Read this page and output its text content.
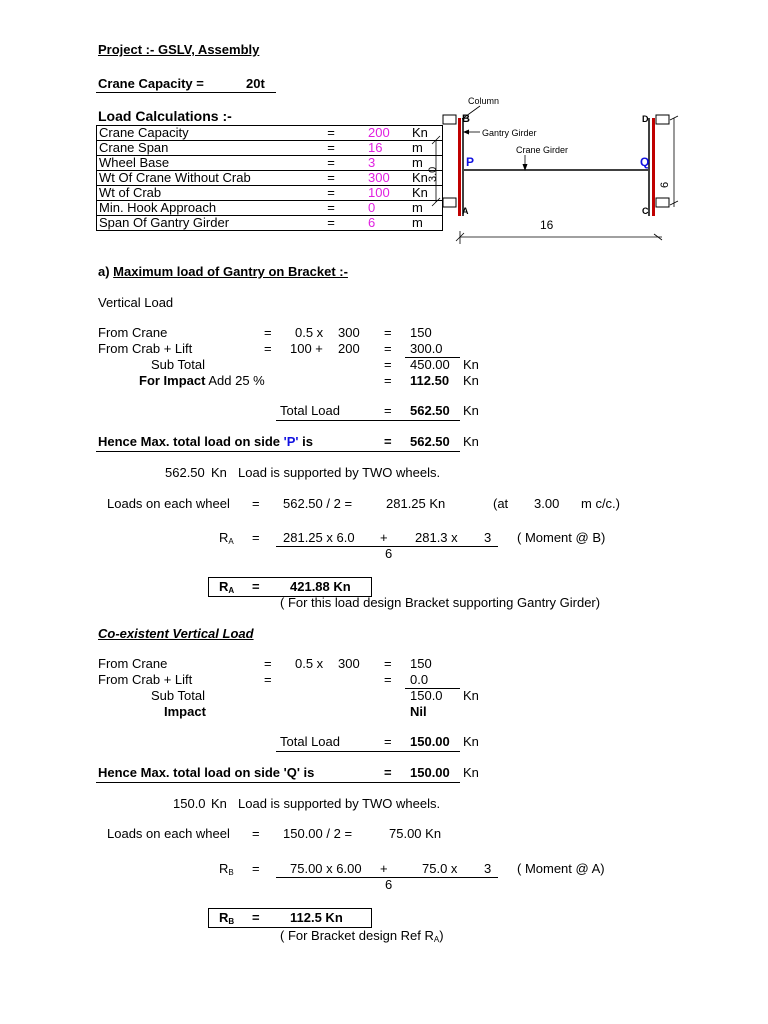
Project :- GSLV, Assembly
Crane Capacity =	20t
Load Calculations :-
Crane Capacity	=	200	Kn
Crane Span	=	16	m
Wheel Base	=	3	m
Wt Of Crane Without Crab	=	300	Kn
Wt of Crab	=	100	Kn
Min. Hook Approach	=	0	m
Span Of Gantry Girder	=	6	m
Column
B
A
D
C
Gantry Girder
Crane Girder
P	Q
3.0
6
16
a) Maximum load of Gantry on Bracket :-
Vertical Load
From Crane	= 0.5 x 300 = 150
From Crab + Lift	= 100 + 200 = 300.0
Sub Total	= 450.00 Kn
For Impact Add 25 %	= 112.50 Kn
Total Load	= 562.50 Kn
Hence Max. total load on side 'P' is	= 562.50 Kn
562.50 Kn Load is supported by TWO wheels.
Loads on each wheel = 562.50 / 2 =	281.25 Kn	(at 3.00 m c/c.)
$R_A = 281.25$ x 6.0 + 281.3 x 3 ( Moment @ B)
6
$R_A = 421.88$ Kn
( For this load design Bracket supporting Gantry Girder)
Co-existent Vertical Load
From Crane	= 0.5 x 300 = 150
From Crab + Lift	=	= 0.0
Sub Total	150.0 Kn
Impact	Nil
Total Load	= 150.00 Kn
Hence Max. total load on side 'Q' is	= 150.00 Kn
150.0 Kn Load is supported by TWO wheels.
Loads on each wheel = 150.00 / 2 =	75.00 Kn
$R_B = 75.00$ x 6.00 +	75.0 x 3 ( Moment @ A)
6
$R_B = 112.5$ Kn
( For Bracket design Ref $R_A$)
